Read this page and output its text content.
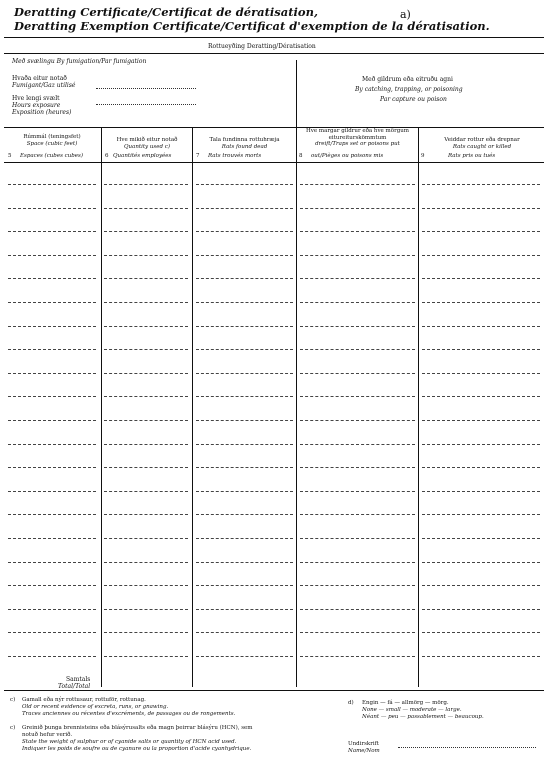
Deratting Certificate/Certificat de dératisation,
Deratting Exemption Certificate/Certificat d'exemption de la dératisation.
a)
Rottueyðing Deratting/Dératisation
Með svælingu By fumigation/Par fumigation
Hvaða eitur notað
Fumigant/Gaz utilisé
Hve lengi svælt
Hours exposure
Exposition (heures)
Með gildrum eða eitruðu agni
By catching, trapping, or poisoning
Par capture ou poison
Rúmmál (teningsfet)
Space (cubic feet)
5 Espaces (cubes cubes)
Hve mikið eitur notað
Quantity used c)
6 Quantités employées
Tala fundinna rottuhræja
Rats found dead
7 Rats trouvés morts
Hve margar gildrur eða hve mörgum eitureiturskömmtum
dreift/Traps set or poisons put
8 out/Pièges ou poisons mis
Veiddar rottur eða drepnar
Rats caught or killed
9	Rats pris ou tués
Samtals
Total/Total
c) Gamall eða nýr rottusaur, rottuför, rottunag.
Old or recent evidence of excreta, runs, or gnawing.
Traces anciennes ou récentes d'excréments, de passages ou de rongements.
c) Greinið þunga brennisteins eða blásýrusalts eða magn þeirrar blásýru (HCN), sem
notuð hefur verið.
State the weight of sulphur or of cyanide salts or quantity of HCN acid used.
Indiquer les poids de soufre ou de cyanure ou la proportion d'acide cyanhydrique.
d) Engin — fá — allmörg — mörg.
None — small — moderate — large.
Néant — peu — passablement — beaucoup.
Undirskrift
Name/Nom
